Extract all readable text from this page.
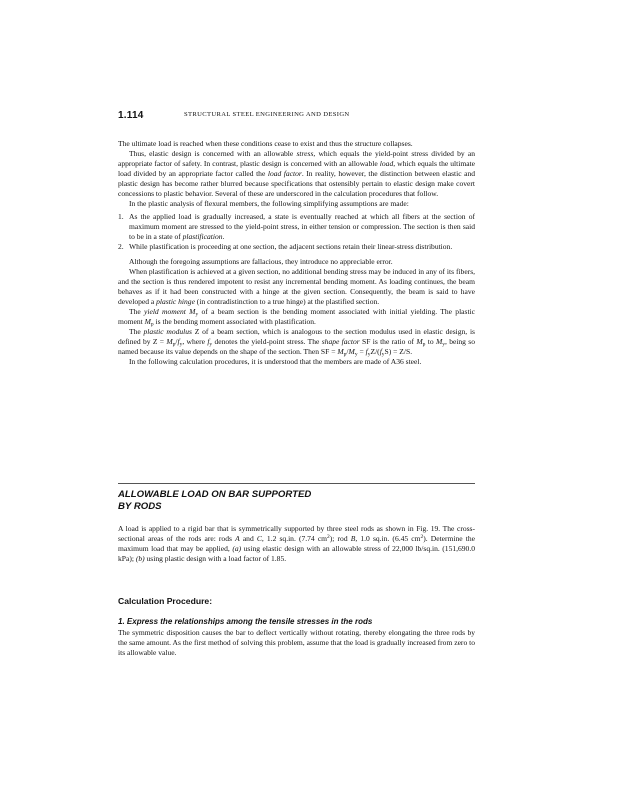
1.114	STRUCTURAL STEEL ENGINEERING AND DESIGN

The ultimate load is reached when these conditions cease to exist and thus the structure collapses.

Thus, elastic design is concerned with an allowable stress, which equals the yield-point stress divided by an appropriate factor of safety. In contrast, plastic design is concerned with an allowable load, which equals the ultimate load divided by an appropriate factor called the load factor. In reality, however, the distinction between elastic and plastic design has become rather blurred because specifications that ostensibly pertain to elastic design make covert concessions to plastic behavior. Several of these are underscored in the calculation procedures that follow.

In the plastic analysis of flexural members, the following simplifying assumptions are made:

1. As the applied load is gradually increased, a state is eventually reached at which all fibers at the section of maximum moment are stressed to the yield-point stress, in either tension or compression. The section is then said to be in a state of plastification.
2. While plastification is proceeding at one section, the adjacent sections retain their linear-stress distribution.

Although the foregoing assumptions are fallacious, they introduce no appreciable error.

When plastification is achieved at a given section, no additional bending stress may be induced in any of its fibers, and the section is thus rendered impotent to resist any incremental bending moment. As loading continues, the beam behaves as if it had been constructed with a hinge at the given section. Consequently, the beam is said to have developed a plastic hinge (in contradistinction to a true hinge) at the plastified section.

The yield moment $M_y$ of a beam section is the bending moment associated with initial yielding. The plastic moment $M_p$ is the bending moment associated with plastification.

The plastic modulus Z of a beam section, which is analogous to the section modulus used in elastic design, is defined by $Z = M_p/f_y$, where $f_y$ denotes the yield-point stress. The shape factor SF is the ratio of $M_p$ to $M_y$, being so named because its value depends on the shape of the section. Then SF = $M_p/M_y = f_yZ/(f_yS) = Z/S$.

In the following calculation procedures, it is understood that the members are made of A36 steel.

ALLOWABLE LOAD ON BAR SUPPORTED
BY RODS

A load is applied to a rigid bar that is symmetrically supported by three steel rods as shown in Fig. 19. The cross-sectional areas of the rods are: rods A and C, 1.2 sq.in. (7.74 $cm^2$); rod B, 1.0 sq.in. (6.45 $cm^2$). Determine the maximum load that may be applied, (a) using elastic design with an allowable stress of 22,000 lb/sq.in. (151,690.0 kPa); (b) using plastic design with a load factor of 1.85.

Calculation Procedure:
1. Express the relationships among the tensile stresses in the rods

The symmetric disposition causes the bar to deflect vertically without rotating, thereby elongating the three rods by the same amount. As the first method of solving this problem, assume that the load is gradually increased from zero to its allowable value.
